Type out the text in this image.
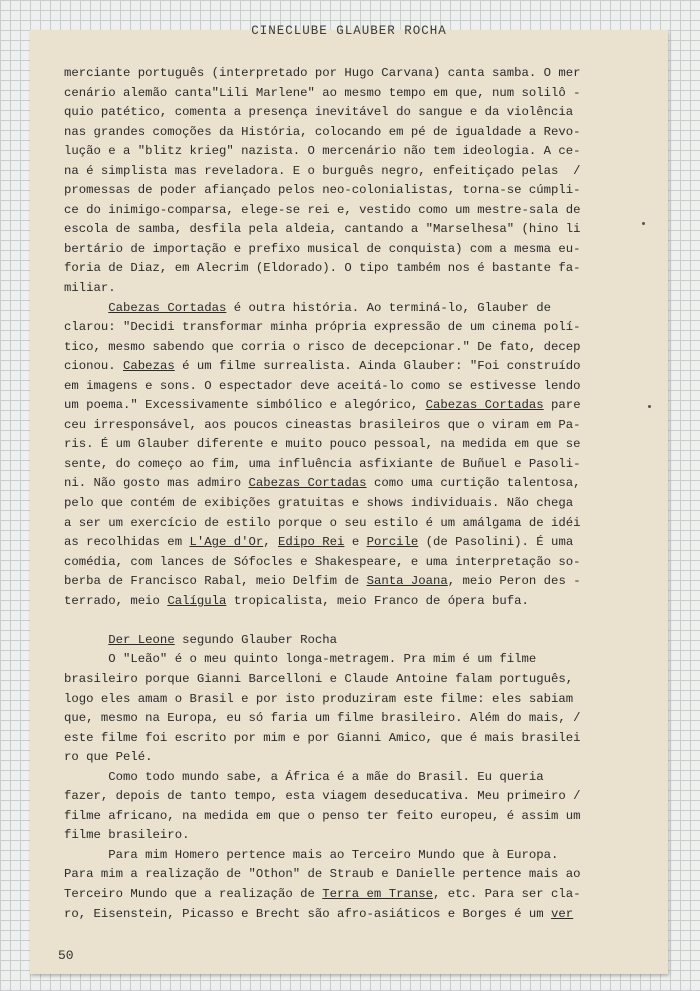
CINECLUBE GLAUBER ROCHA
merciante português (interpretado por Hugo Carvana) canta samba. O mer
cenário alemão canta"Lili Marlene" ao mesmo tempo em que, num solilô -
quio patético, comenta a presença inevitável do sangue e da violência
nas grandes comoções da História, colocando em pé de igualdade a Revo-
lução e a "blitz krieg" nazista. O mercenário não tem ideologia. A ce-
na é simplista mas reveladora. E o burguês negro, enfeitiçado pelas  /
promessas de poder afiançado pelos neo-colonialistas, torna-se cúmpli-
ce do inimigo-comparsa, elege-se rei e, vestido como um mestre-sala de
escola de samba, desfila pela aldeia, cantando a "Marselhesa" (hino li
bertário de importação e prefixo musical de conquista) com a mesma eu-
foria de Diaz, em Alecrim (Eldorado). O tipo também nos é bastante fa-
miliar.
Cabezas Cortadas é outra história. Ao terminá-lo, Glauber de
clarou: "Decidi transformar minha própria expressão de um cinema polí-
tico, mesmo sabendo que corria o risco de decepcionar." De fato, decep
cionou. Cabezas é um filme surrealista. Ainda Glauber: "Foi construído
em imagens e sons. O espectador deve aceitá-lo como se estivesse lendo
um poema." Excessivamente simbólico e alegórico, Cabezas Cortadas pare
ceu irresponsável, aos poucos cineastas brasileiros que o viram em Pa-
ris. É um Glauber diferente e muito pouco pessoal, na medida em que se
sente, do começo ao fim, uma influência asfixiante de Buñuel e Pasoli-
ni. Não gosto mas admiro Cabezas Cortadas como uma curtição talentosa,
pelo que contém de exibições gratuitas e shows individuais. Não chega
a ser um exercício de estilo porque o seu estilo é um amálgama de idéi
as recolhidas em L'Age d'Or, Edipo Rei e Porcile (de Pasolini). É uma
comédia, com lances de Sófocles e Shakespeare, e uma interpretação so-
berba de Francisco Rabal, meio Delfim de Santa Joana, meio Peron des -
terrado, meio Calígula tropicalista, meio Franco de ópera bufa.
Der Leone segundo Glauber Rocha
O "Leão" é o meu quinto longa-metragem. Pra mim é um filme
brasileiro porque Gianni Barcelloni e Claude Antoine falam português,
logo eles amam o Brasil e por isto produziram este filme: eles sabiam
que, mesmo na Europa, eu só faria um filme brasileiro. Além do mais, /
este filme foi escrito por mim e por Gianni Amico, que é mais brasilei
ro que Pelé.
Como todo mundo sabe, a África é a mãe do Brasil. Eu queria
fazer, depois de tanto tempo, esta viagem deseducativa. Meu primeiro /
filme africano, na medida em que o penso ter feito europeu, é assim um
filme brasileiro.
Para mim Homero pertence mais ao Terceiro Mundo que à Europa.
Para mim a realização de "Othon" de Straub e Danielle pertence mais ao
Terceiro Mundo que a realização de Terra em Transe, etc. Para ser cla-
ro, Eisenstein, Picasso e Brecht são afro-asiáticos e Borges é um ver
50
